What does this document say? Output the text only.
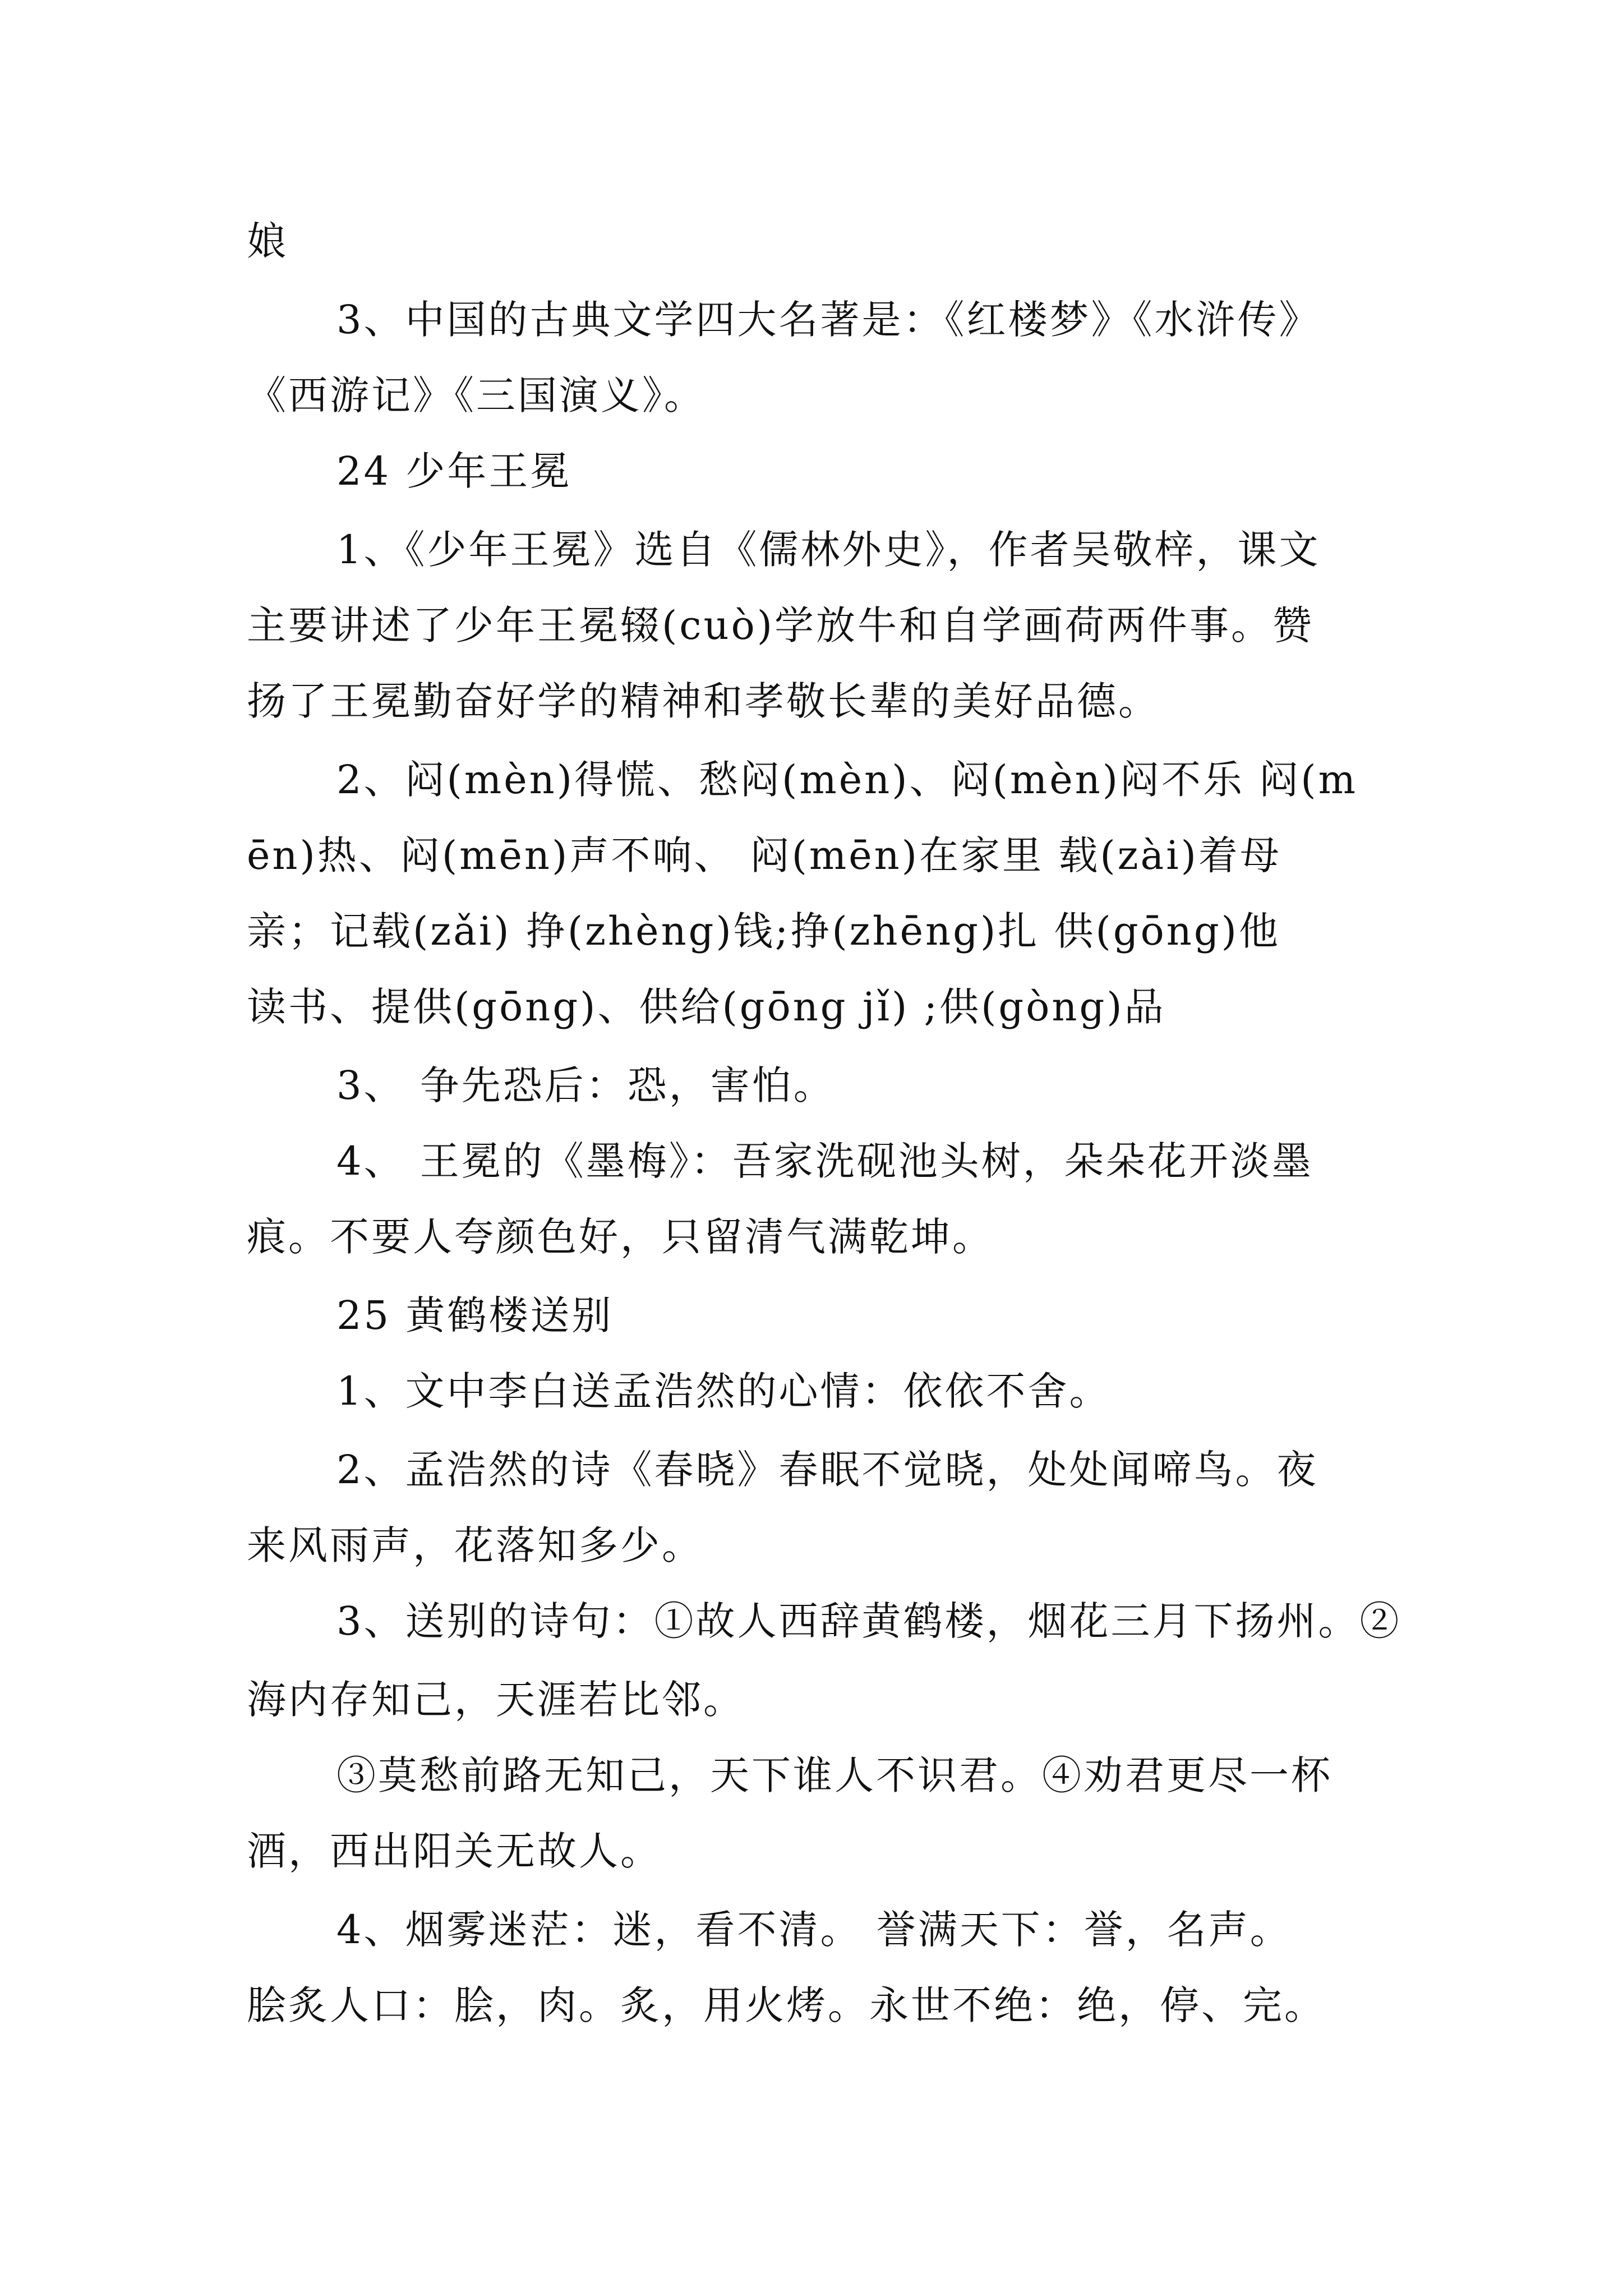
娘
3、中国的古典文学四大名著是：《红楼梦》《水浒传》
《西游记》《三国演义》。
24 少年王冕
1、《少年王冕》选自《儒林外史》，作者吴敬梓，课文
主要讲述了少年王冕辍(cuò)学放牛和自学画荷两件事。赞
扬了王冕勤奋好学的精神和孝敬长辈的美好品德。
2、闷(mèn)得慌、愁闷(mèn)、闷(mèn)闷不乐 闷(m
ēn)热、闷(mēn)声不响、 闷(mēn)在家里 载(zài)着母
亲；记载(zǎi) 挣(zhèng)钱;挣(zhēng)扎 供(gōng)他
读书、提供(gōng)、供给(gōng jǐ) ;供(gòng)品
3、 争先恐后：恐，害怕。
4、 王冕的《墨梅》：吾家洗砚池头树，朵朵花开淡墨
痕。不要人夸颜色好，只留清气满乾坤。
25 黄鹤楼送别
1、文中李白送孟浩然的心情：依依不舍。
2、孟浩然的诗《春晓》春眠不觉晓，处处闻啼鸟。夜
来风雨声，花落知多少。
3、送别的诗句：①故人西辞黄鹤楼，烟花三月下扬州。②
海内存知己，天涯若比邻。
③莫愁前路无知己，天下谁人不识君。④劝君更尽一杯
酒，西出阳关无故人。
4、烟雾迷茫：迷，看不清。 誉满天下：誉，名声。
脍炙人口：脍，肉。炙，用火烤。永世不绝：绝，停、完。
